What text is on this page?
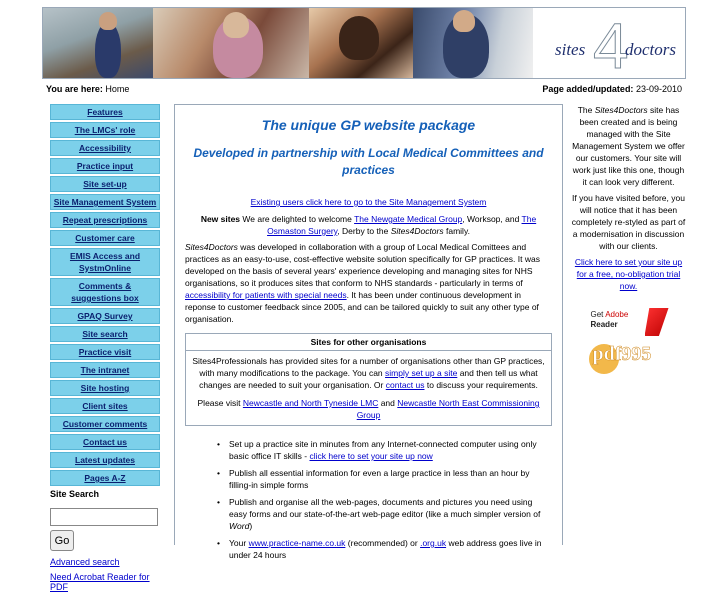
4
sites doctors
You are here: Home	Page added/updated: 23-09-2010
Features
The LMCs' role
Accessibility
Practice input
Site set-up
Site Management System
Repeat prescriptions
Customer care
EMIS Access and SystmOnline
Comments & suggestions box
GPAQ Survey
Site search
Practice visit
The intranet
Site hosting
Client sites
Customer comments
Contact us
Latest updates
Pages A-Z
Site Search
Go
Advanced search
Need Acrobat Reader for PDF
The unique GP website package
Developed in partnership with Local Medical Committees and practices
Existing users click here to go to the Site Management System

New sites We are delighted to welcome The Newgate Medical Group, Worksop, and The Osmaston Surgery, Derby to the Sites4Doctors family.

Sites4Doctors was developed in collaboration with a group of Local Medical Comittees and practices as an easy-to-use, cost-effective website solution specifically for GP practices. It was developed on the basis of several years' experience developing and managing sites for NHS organisations, so it produces sites that conform to NHS standards - particularly in terms of accessibility for patients with special needs. It has been under continuous development in reponse to customer feedback since 2005, and can be tailored quickly to suit any other type of organisation.

Sites for other organisations

Sites4Professionals has provided sites for a number of organisations other than GP practices, with many modifications to the package. You can simply set up a site and then tell us what changes are needed to suit your organisation. Or contact us to discuss your requirements.

Please visit Newcastle and North Tyneside LMC and Newcastle North East Commissioning Group

• Set up a practice site in minutes from any Internet-connected computer using only basic office IT skills - click here to set your site up now
• Publish all essential information for even a large practice in less than an hour by filling-in simple forms
• Publish and organise all the web-pages, documents and pictures you need using easy forms and our state-of-the-art web-page editor (like a much simpler version of Word)
• Your www.practice-name.co.uk (recommended) or .org.uk web address goes live in under 24 hours

The Sites4Doctors site has been created and is being managed with the Site Management System we offer our customers. Your site will work just like this one, though it can look very different.

If you have visited before, you will notice that it has been completely re-styled as part of a modernisation in discussion with our clients.

Click here to set your site up for a free, no-obligation trial now.

Get Adobe
Reader
pdf995
